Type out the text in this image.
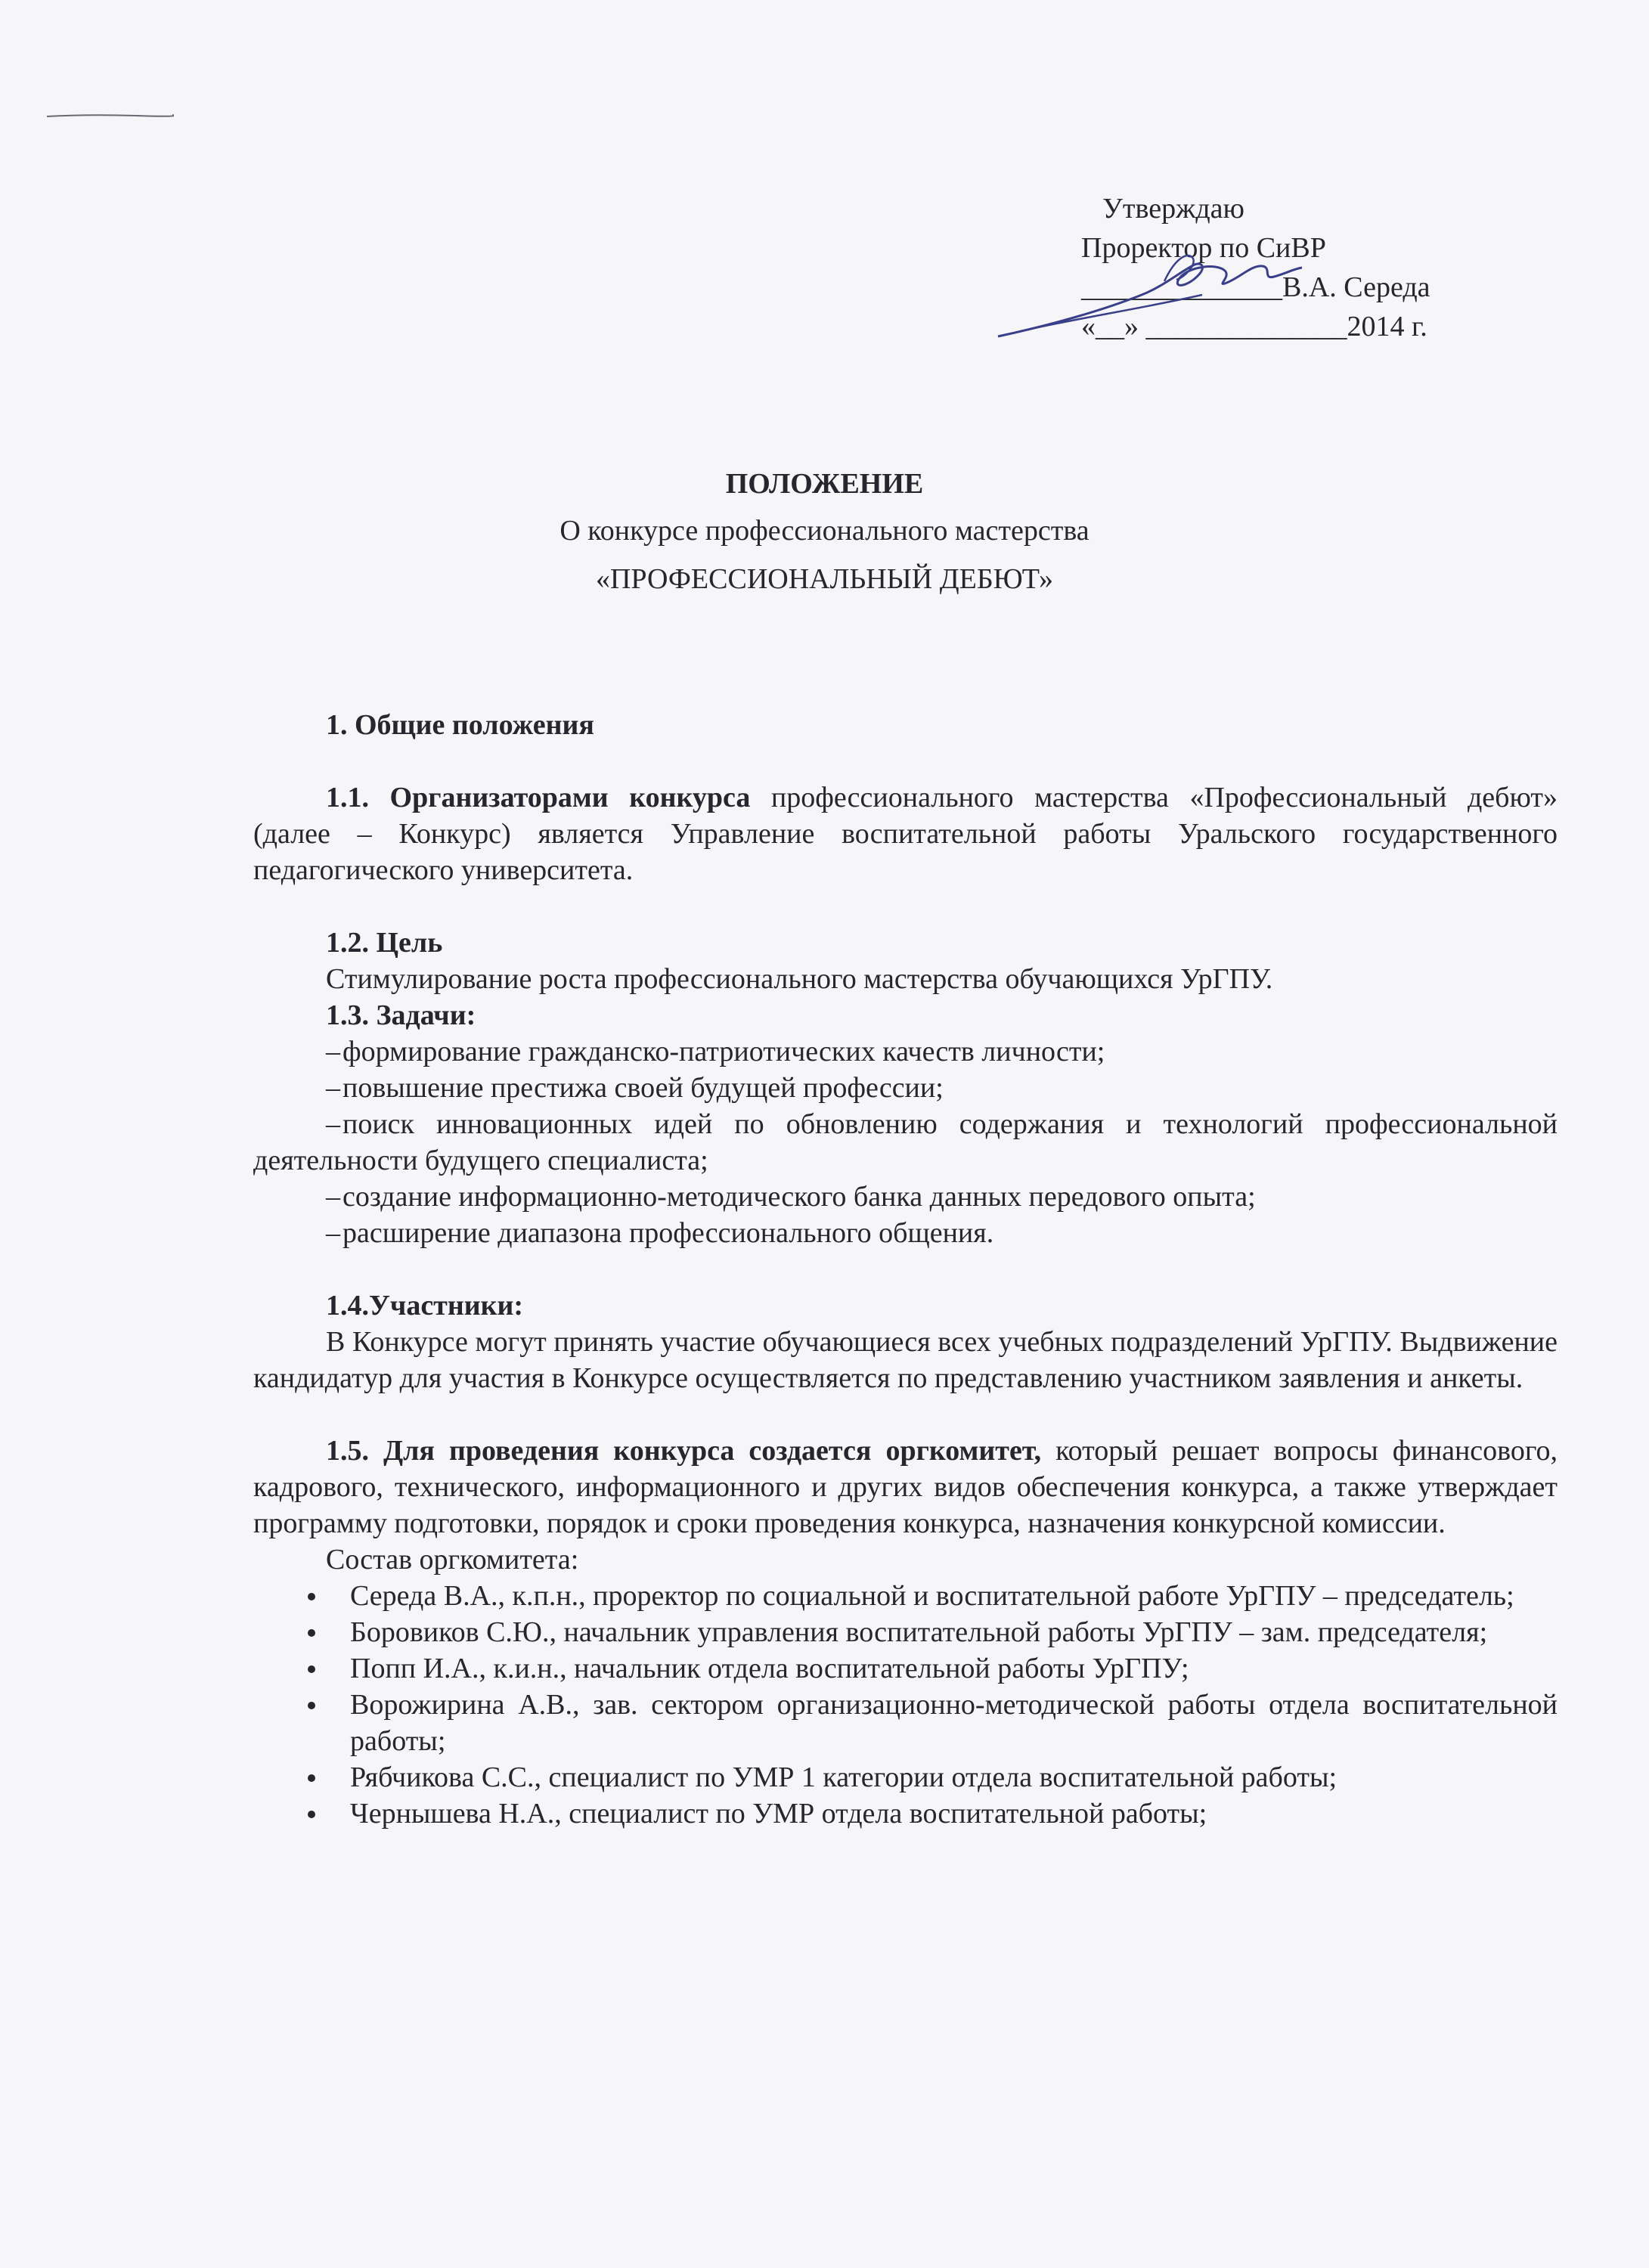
Утверждаю
Проректор по СиВР
______________В.А. Середа
«__» ______________2014 г.
ПОЛОЖЕНИЕ
О конкурсе профессионального мастерства
«ПРОФЕССИОНАЛЬНЫЙ ДЕБЮТ»

1. Общие положения

1.1. Организаторами конкурса профессионального мастерства «Профессиональный дебют» (далее – Конкурс) является Управление воспитательной работы Уральского государственного педагогического университета.

1.2. Цель

Стимулирование роста профессионального мастерства обучающихся УрГПУ.

1.3. Задачи:

–формирование гражданско-патриотических качеств личности;
–повышение престижа своей будущей профессии;
–поиск инновационных идей по обновлению содержания и технологий профессиональной деятельности будущего специалиста;
–создание информационно-методического банка данных передового опыта;
–расширение диапазона профессионального общения.

1.4.Участники:

В Конкурсе могут принять участие обучающиеся всех учебных подразделений УрГПУ. Выдвижение кандидатур для участия в Конкурсе осуществляется по представлению участником заявления и анкеты.

1.5. Для проведения конкурса создается оргкомитет, который решает вопросы финансового, кадрового, технического, информационного и других видов обеспечения конкурса, а также утверждает программу подготовки, порядок и сроки проведения конкурса, назначения конкурсной комиссии.

Состав оргкомитета:

Середа В.А., к.п.н., проректор по социальной и воспитательной работе УрГПУ – председатель;
Боровиков С.Ю., начальник управления воспитательной работы УрГПУ – зам. председателя;
Попп И.А., к.и.н., начальник отдела воспитательной работы УрГПУ;
Ворожирина А.В., зав. сектором организационно-методической работы отдела воспитательной работы;
Рябчикова С.С., специалист по УМР 1 категории отдела воспитательной работы;
Чернышева Н.А., специалист по УМР отдела воспитательной работы;
